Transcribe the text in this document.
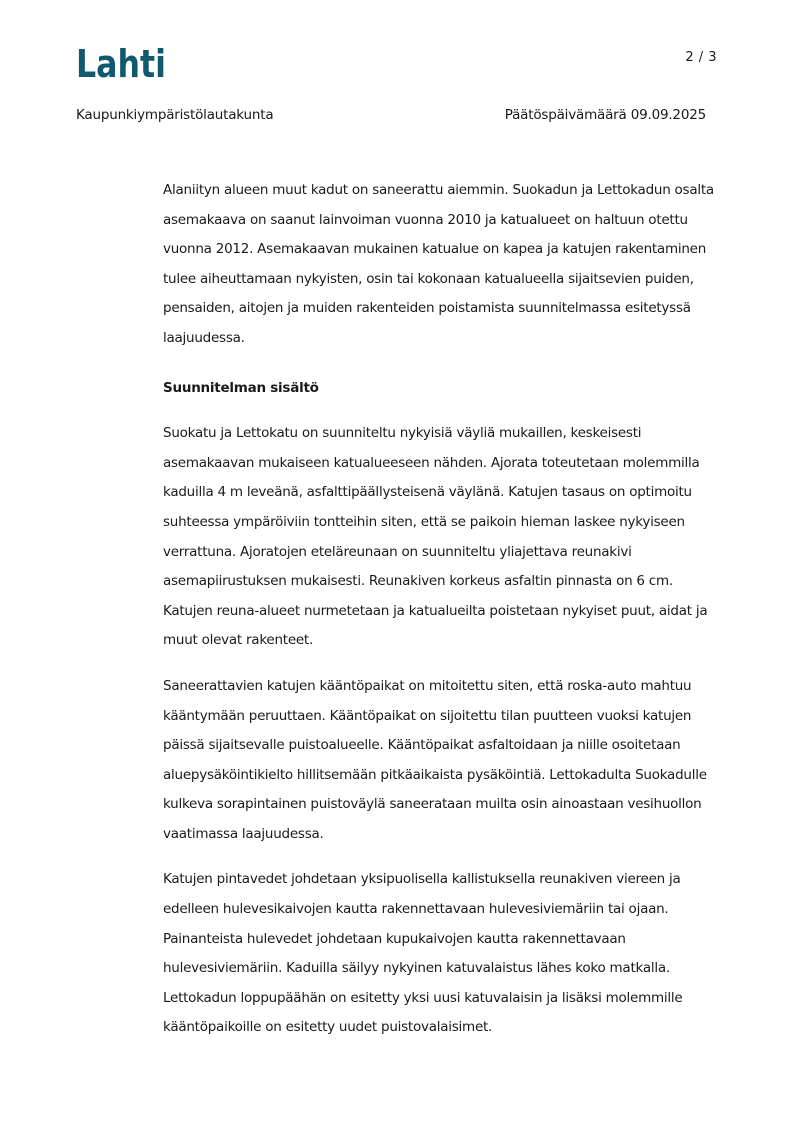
Lahti	2 / 3
Kaupunkiympäristölautakunta	Päätöspäivämäärä 09.09.2025

Alaniityn alueen muut kadut on saneerattu aiemmin. Suokadun ja Lettokadun osalta asemakaava on saanut lainvoiman vuonna 2010 ja katualueet on haltuun otettu vuonna 2012. Asemakaavan mukainen katualue on kapea ja katujen rakentaminen tulee aiheuttamaan nykyisten, osin tai kokonaan katualueella sijaitsevien puiden, pensaiden, aitojen ja muiden rakenteiden poistamista suunnitelmassa esitetyssä laajuudessa.

Suunnitelman sisältö

Suokatu ja Lettokatu on suunniteltu nykyisiä väyliä mukaillen, keskeisesti asemakaavan mukaiseen katualueeseen nähden. Ajorata toteutetaan molemmilla kaduilla 4 m leveänä, asfalttipäällysteisenä väylänä. Katujen tasaus on optimoitu suhteessa ympäröiviin tontteihin siten, että se paikoin hieman laskee nykyiseen verrattuna. Ajoratojen eteläreunaan on suunniteltu yliajettava reunakivi asemapiirustuksen mukaisesti. Reunakiven korkeus asfaltin pinnasta on 6 cm. Katujen reuna-alueet nurmetetaan ja katualueilta poistetaan nykyiset puut, aidat ja muut olevat rakenteet.

Saneerattavien katujen kääntöpaikat on mitoitettu siten, että roska-auto mahtuu kääntymään peruuttaen. Kääntöpaikat on sijoitettu tilan puutteen vuoksi katujen päissä sijaitsevalle puistoalueelle. Kääntöpaikat asfaltoidaan ja niille osoitetaan aluepysäköintikielto hillitsemään pitkäaikaista pysäköintiä. Lettokadulta Suokadulle kulkeva sorapintainen puistoväylä saneerataan muilta osin ainoastaan vesihuollon vaatimassa laajuudessa.

Katujen pintavedet johdetaan yksipuolisella kallistuksella reunakiven viereen ja edelleen hulevesikaivojen kautta rakennettavaan hulevesiviemäriin tai ojaan. Painanteista hulevedet johdetaan kupukaivojen kautta rakennettavaan hulevesiviemäriin. Kaduilla säilyy nykyinen katuvalaistus lähes koko matkalla. Lettokadun loppupäähän on esitetty yksi uusi katuvalaisin ja lisäksi molemmille kääntöpaikoille on esitetty uudet puistovalaisimet.
